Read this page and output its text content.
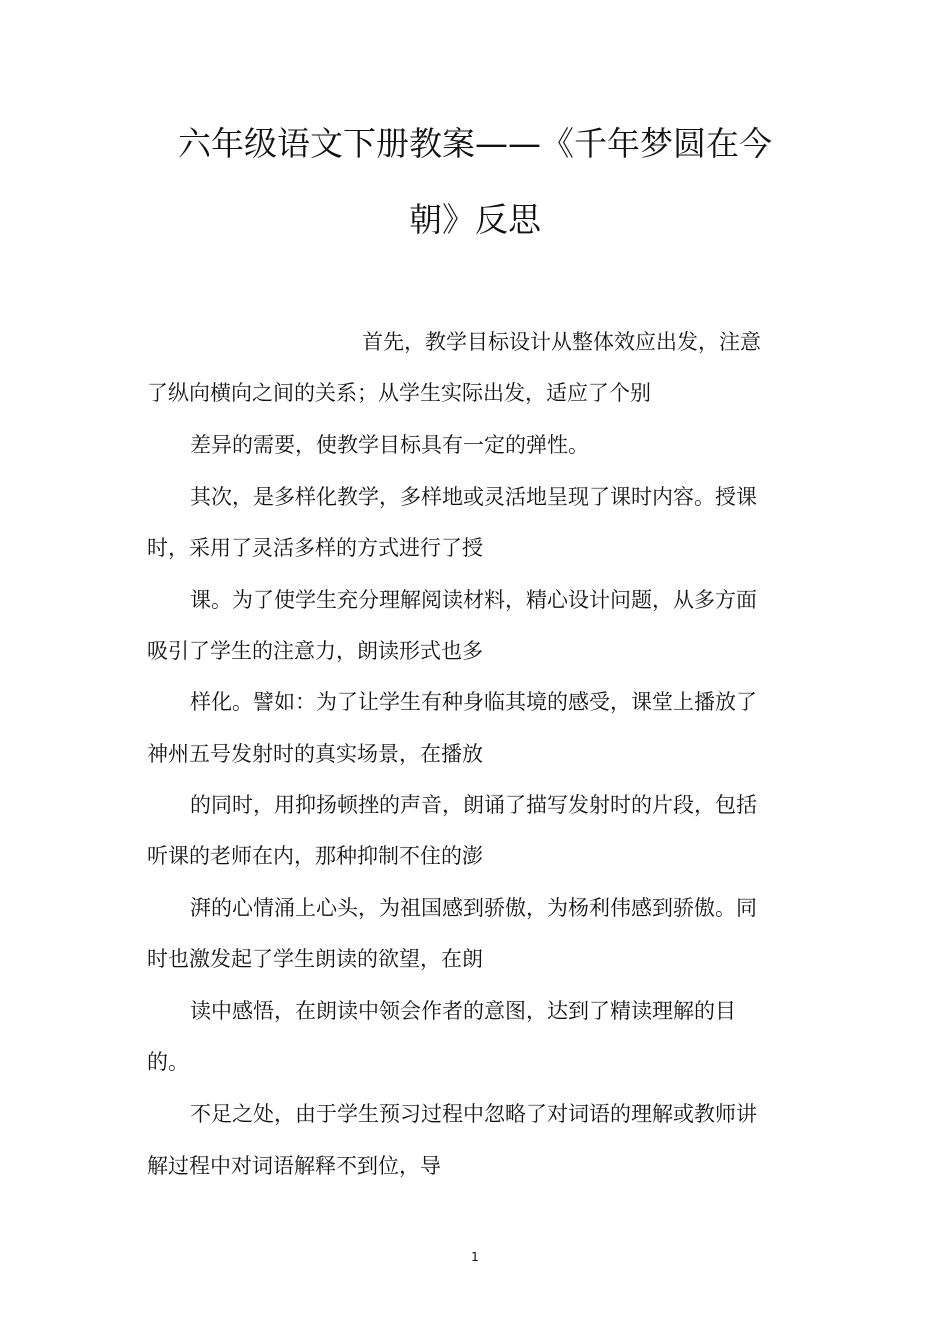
六年级语文下册教案——《千年梦圆在今
朝》反思
首先，教学目标设计从整体效应出发，注意
了纵向横向之间的关系；从学生实际出发，适应了个别
差异的需要，使教学目标具有一定的弹性。
其次，是多样化教学，多样地或灵活地呈现了课时内容。授课
时，采用了灵活多样的方式进行了授
课。为了使学生充分理解阅读材料，精心设计问题，从多方面
吸引了学生的注意力，朗读形式也多
样化。譬如：为了让学生有种身临其境的感受，课堂上播放了
神州五号发射时的真实场景，在播放
的同时，用抑扬顿挫的声音，朗诵了描写发射时的片段，包括
听课的老师在内，那种抑制不住的澎
湃的心情涌上心头，为祖国感到骄傲，为杨利伟感到骄傲。同
时也激发起了学生朗读的欲望，在朗
读中感悟，在朗读中领会作者的意图，达到了精读理解的目
的。
不足之处，由于学生预习过程中忽略了对词语的理解或教师讲
解过程中对词语解释不到位，导
1
